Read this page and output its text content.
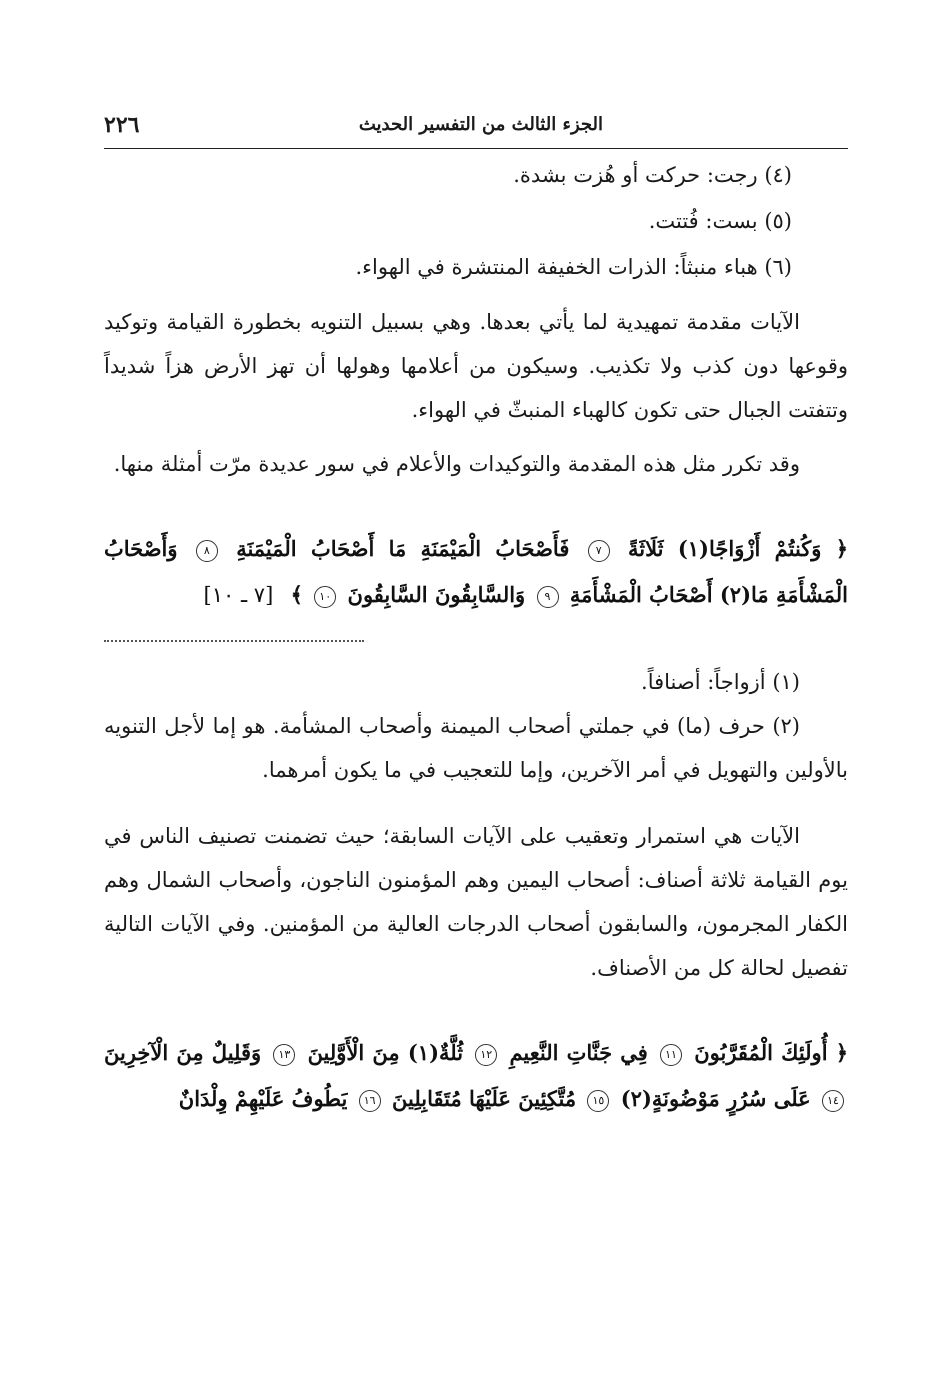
الجزء الثالث من التفسير الحديث
٢٢٦

(٤) رجت: حركت أو هُزت بشدة.

(٥) بست: فُتتت.

(٦) هباء منبثاً: الذرات الخفيفة المنتشرة في الهواء.

الآيات مقدمة تمهيدية لما يأتي بعدها. وهي بسبيل التنويه بخطورة القيامة وتوكيد وقوعها دون كذب ولا تكذيب. وسيكون من أعلامها وهولها أن تهز الأرض هزاً شديداً وتتفتت الجبال حتى تكون كالهباء المنبثّ في الهواء.

وقد تكرر مثل هذه المقدمة والتوكيدات والأعلام في سور عديدة مرّت أمثلة منها.

﴿ وَكُنتُمْ أَزْوَاجًا(١) ثَلَاثَةً ٧ فَأَصْحَابُ الْمَيْمَنَةِ مَا أَصْحَابُ الْمَيْمَنَةِ ٨ وَأَصْحَابُ الْمَشْأَمَةِ مَا(٢) أَصْحَابُ الْمَشْأَمَةِ ٩ وَالسَّابِقُونَ السَّابِقُونَ ١٠ ﴾ [٧ ـ ١٠]

(١) أزواجاً: أصنافاً.

(٢) حرف (ما) في جملتي أصحاب الميمنة وأصحاب المشأمة. هو إما لأجل التنويه بالأولين والتهويل في أمر الآخرين، وإما للتعجيب في ما يكون أمرهما.

الآيات هي استمرار وتعقيب على الآيات السابقة؛ حيث تضمنت تصنيف الناس في يوم القيامة ثلاثة أصناف: أصحاب اليمين وهم المؤمنون الناجون، وأصحاب الشمال وهم الكفار المجرمون، والسابقون أصحاب الدرجات العالية من المؤمنين. وفي الآيات التالية تفصيل لحالة كل من الأصناف.

﴿ أُولَئِكَ الْمُقَرَّبُونَ ١١ فِي جَنَّاتِ النَّعِيمِ ١٢ ثُلَّةٌ(١) مِنَ الْأَوَّلِينَ ١٣ وَقَلِيلٌ مِنَ الْآخِرِينَ ١٤ عَلَى سُرُرٍ مَوْضُونَةٍ(٢) ١٥ مُتَّكِئِينَ عَلَيْهَا مُتَقَابِلِينَ ١٦ يَطُوفُ عَلَيْهِمْ وِلْدَانٌ
